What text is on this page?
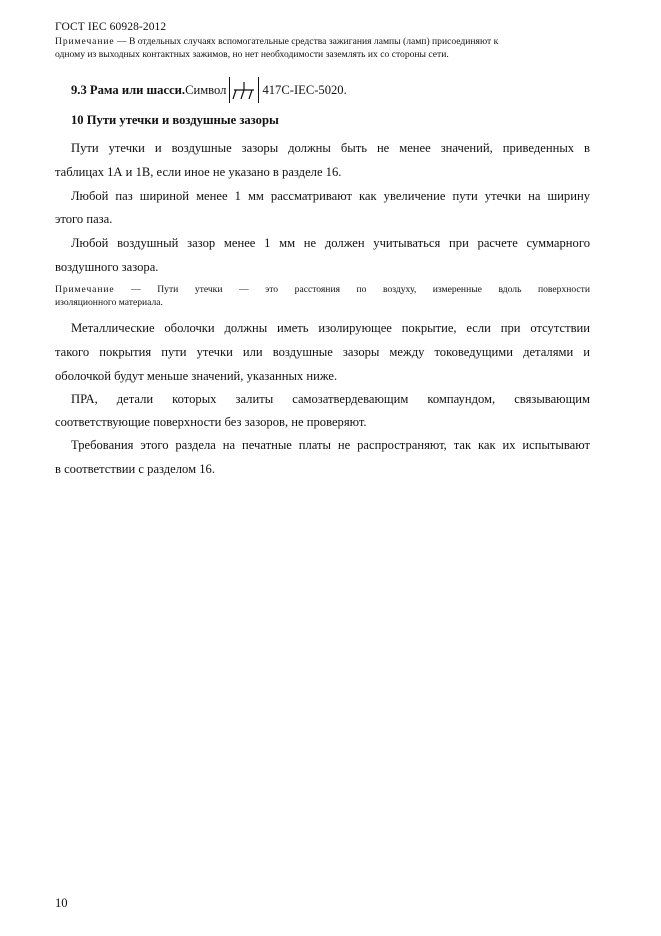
ГОСТ IEC 60928-2012
Примечание — В отдельных случаях вспомогательные средства зажигания лампы (ламп) присоединяют к
одному из выходных контактных зажимов, но нет необходимости заземлять их со стороны сети.
9.3 Рама или шасси. Символ	417С-IEC-5020.
10 Пути утечки и воздушные зазоры
Пути утечки и воздушные зазоры должны быть не менее значений, приведенных в
таблицах 1А и 1В, если иное не указано в разделе 16.
Любой паз шириной менее 1 мм рассматривают как увеличение пути утечки на ширину
этого паза.
Любой воздушный зазор менее 1 мм не должен учитываться при расчете суммарного
воздушного зазора.
Примечание — Пути утечки — это расстояния по воздуху, измеренные вдоль поверхности
изоляционного материала.
Металлические оболочки должны иметь изолирующее покрытие, если при отсутствии
такого покрытия пути утечки или воздушные зазоры между токоведущими деталями и
оболочкой будут меньше значений, указанных ниже.
ПРА, детали которых залиты самозатвердевающим компаундом, связывающим
соответствующие поверхности без зазоров, не проверяют.
Требования этого раздела на печатные платы не распространяют, так как их испытывают
в соответствии с разделом 16.
10
